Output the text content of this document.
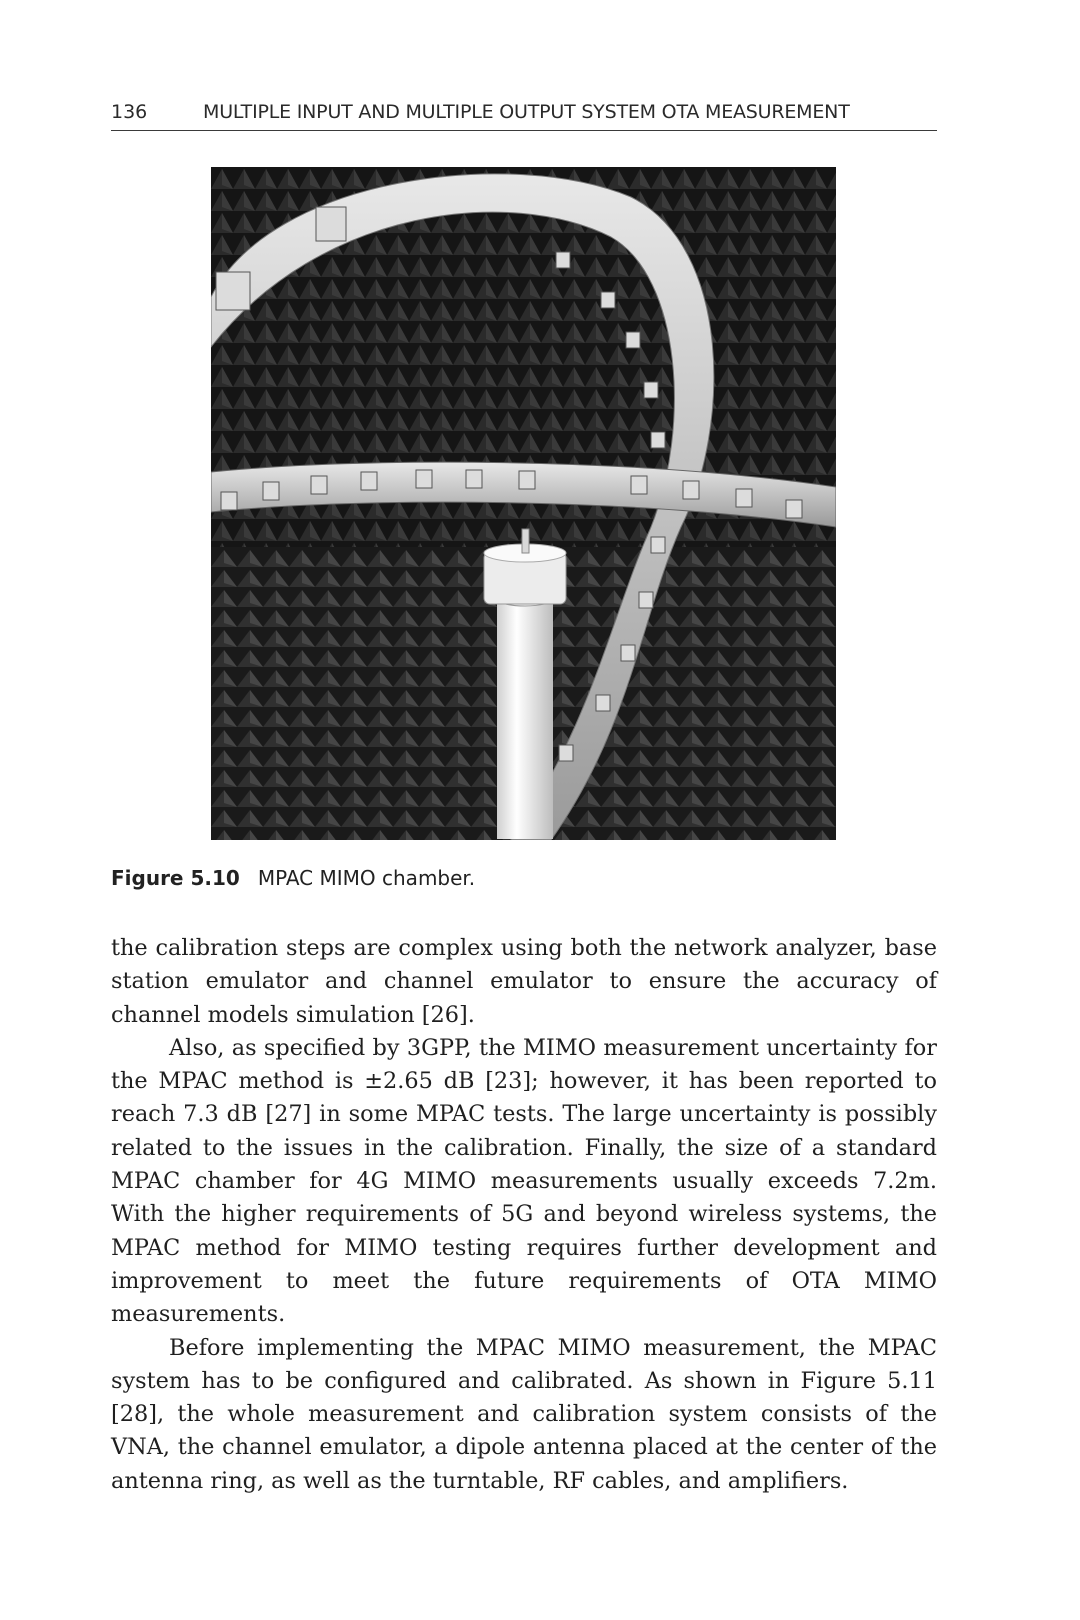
136	MULTIPLE INPUT AND MULTIPLE OUTPUT SYSTEM OTA MEASUREMENT
Figure 5.10 MPAC MIMO chamber.

the calibration steps are complex using both the network analyzer, base station emulator and channel emulator to ensure the accuracy of channel models simulation [26].

Also, as specified by 3GPP, the MIMO measurement uncertainty for the MPAC method is ±2.65 dB [23]; however, it has been reported to reach 7.3 dB [27] in some MPAC tests. The large uncertainty is possibly related to the issues in the calibration. Finally, the size of a standard MPAC chamber for 4G MIMO measurements usually exceeds 7.2m. With the higher requirements of 5G and beyond wireless systems, the MPAC method for MIMO testing requires further development and improvement to meet the future requirements of OTA MIMO measurements.

Before implementing the MPAC MIMO measurement, the MPAC system has to be configured and calibrated. As shown in Figure 5.11 [28], the whole measurement and calibration system consists of the VNA, the channel emulator, a dipole antenna placed at the center of the antenna ring, as well as the turntable, RF cables, and amplifiers.
